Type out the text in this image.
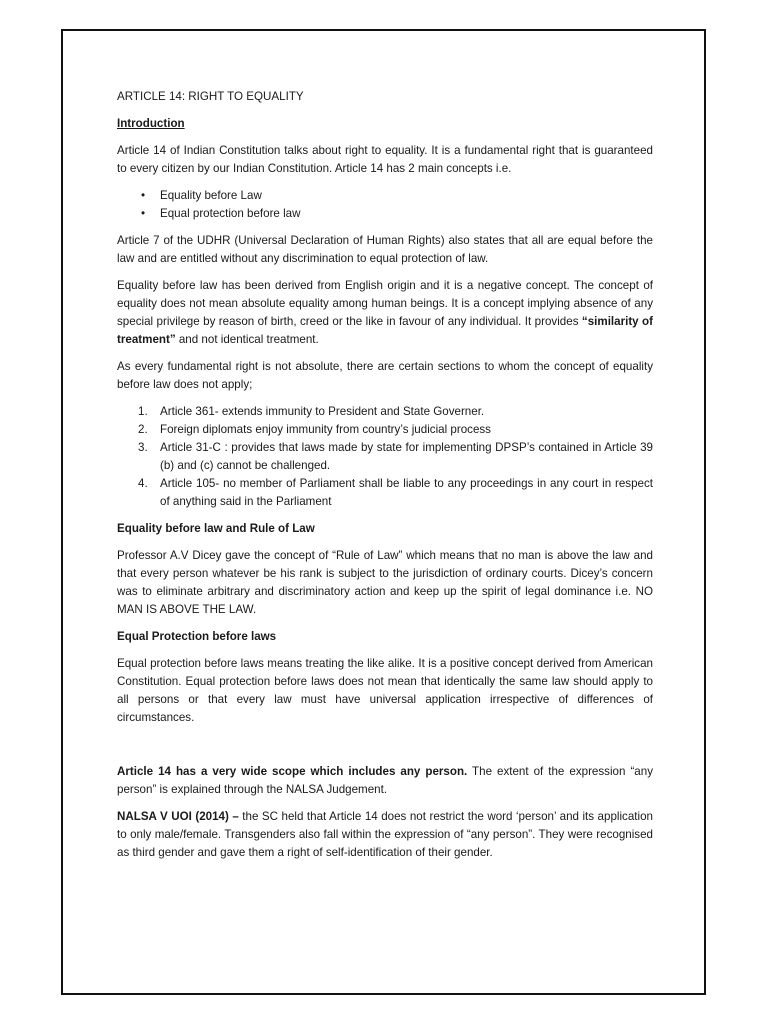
ARTICLE 14: RIGHT TO EQUALITY

Introduction

Article 14 of Indian Constitution talks about right to equality. It is a fundamental right that is guaranteed to every citizen by our Indian Constitution. Article 14 has 2 main concepts i.e.

• Equality before Law
• Equal protection before law

Article 7 of the UDHR (Universal Declaration of Human Rights) also states that all are equal before the law and are entitled without any discrimination to equal protection of law.

Equality before law has been derived from English origin and it is a negative concept. The concept of equality does not mean absolute equality among human beings. It is a concept implying absence of any special privilege by reason of birth, creed or the like in favour of any individual. It provides “similarity of treatment” and not identical treatment.

As every fundamental right is not absolute, there are certain sections to whom the concept of equality before law does not apply;

1. Article 361- extends immunity to President and State Governer.
2. Foreign diplomats enjoy immunity from country’s judicial process
3. Article 31-C : provides that laws made by state for implementing DPSP’s contained in Article 39 (b) and (c) cannot be challenged.
4. Article 105- no member of Parliament shall be liable to any proceedings in any court in respect of anything said in the Parliament

Equality before law and Rule of Law

Professor A.V Dicey gave the concept of “Rule of Law” which means that no man is above the law and that every person whatever be his rank is subject to the jurisdiction of ordinary courts. Dicey’s concern was to eliminate arbitrary and discriminatory action and keep up the spirit of legal dominance i.e. NO MAN IS ABOVE THE LAW.

Equal Protection before laws

Equal protection before laws means treating the like alike. It is a positive concept derived from American Constitution. Equal protection before laws does not mean that identically the same law should apply to all persons or that every law must have universal application irrespective of differences of circumstances.

Article 14 has a very wide scope which includes any person. The extent of the expression “any person” is explained through the NALSA Judgement.

NALSA V UOI (2014) – the SC held that Article 14 does not restrict the word ‘person’ and its application to only male/female. Transgenders also fall within the expression of “any person”. They were recognised as third gender and gave them a right of self-identification of their gender.
